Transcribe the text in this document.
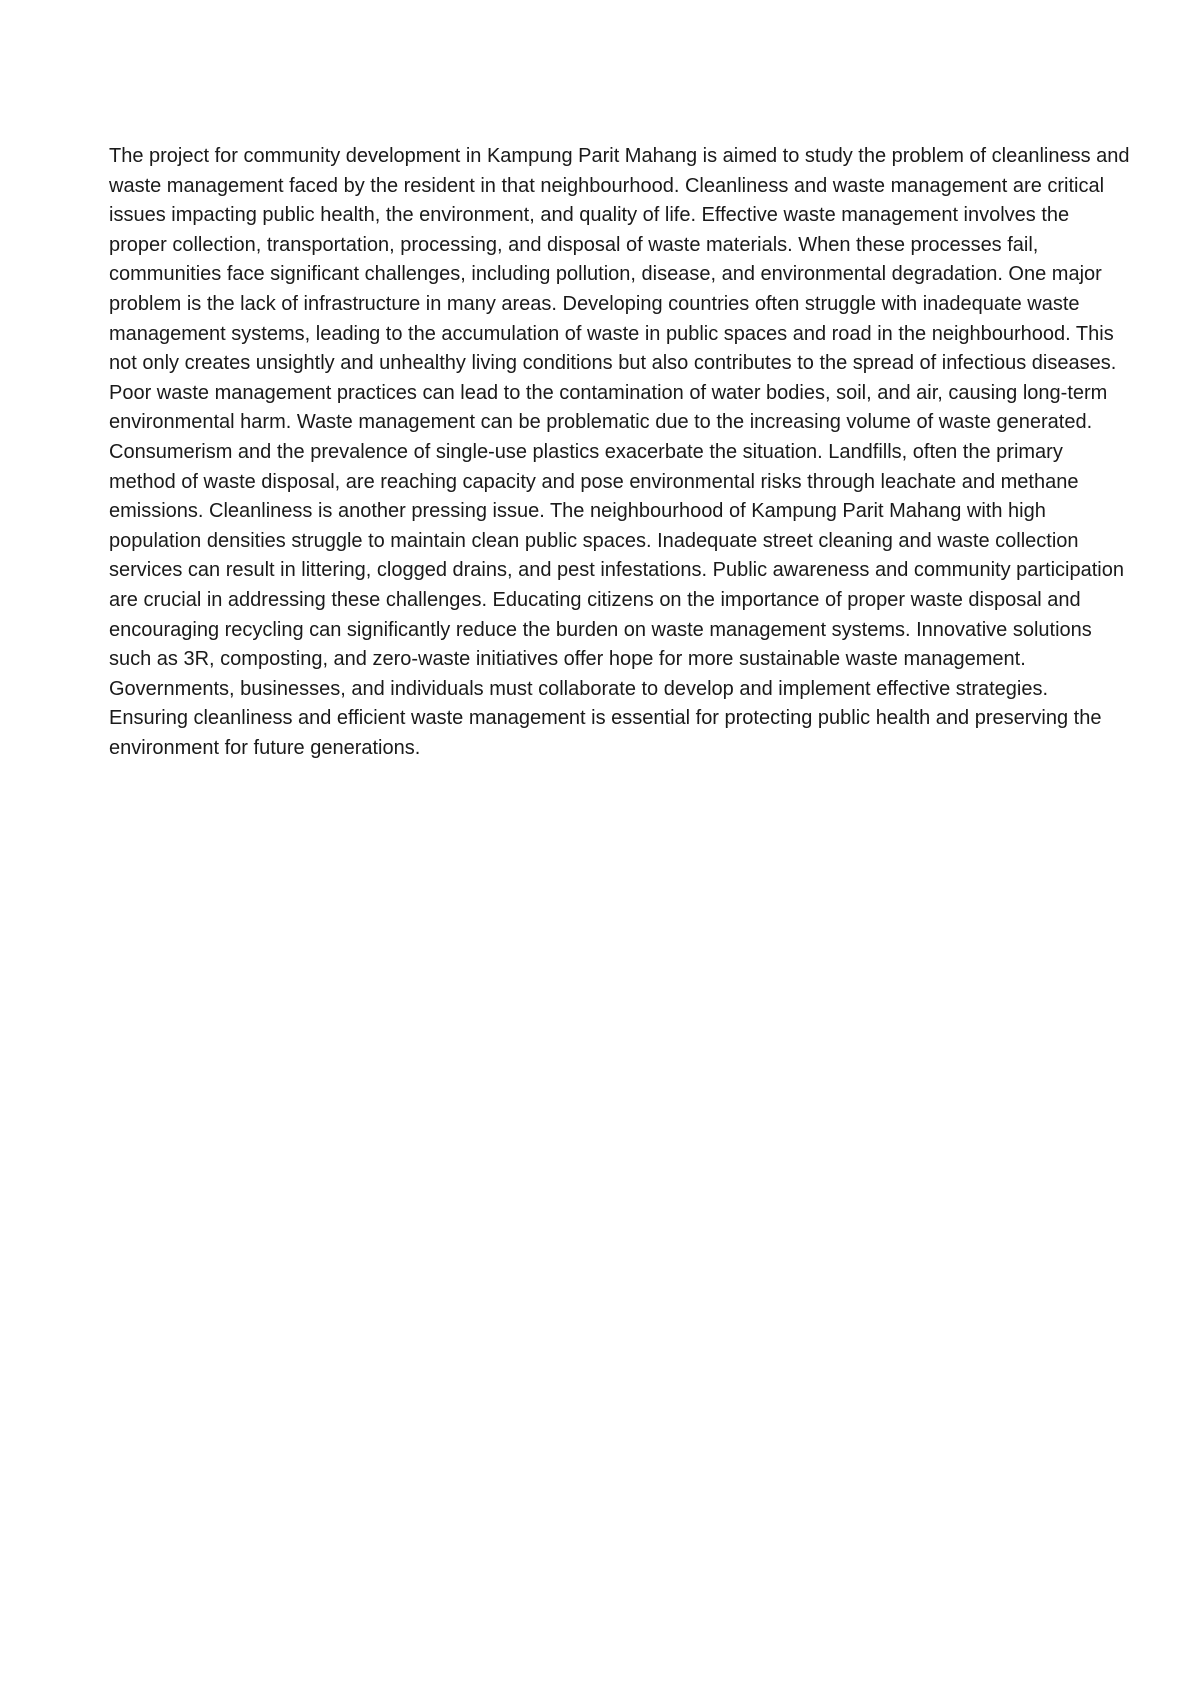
The project for community development in Kampung Parit Mahang is aimed to study the problem of cleanliness and waste management faced by the resident in that neighbourhood. Cleanliness and waste management are critical issues impacting public health, the environment, and quality of life. Effective waste management involves the proper collection, transportation, processing, and disposal of waste materials. When these processes fail, communities face significant challenges, including pollution, disease, and environmental degradation. One major problem is the lack of infrastructure in many areas. Developing countries often struggle with inadequate waste management systems, leading to the accumulation of waste in public spaces and road in the neighbourhood. This not only creates unsightly and unhealthy living conditions but also contributes to the spread of infectious diseases. Poor waste management practices can lead to the contamination of water bodies, soil, and air, causing long-term environmental harm. Waste management can be problematic due to the increasing volume of waste generated. Consumerism and the prevalence of single-use plastics exacerbate the situation. Landfills, often the primary method of waste disposal, are reaching capacity and pose environmental risks through leachate and methane emissions. Cleanliness is another pressing issue. The neighbourhood of Kampung Parit Mahang with high population densities struggle to maintain clean public spaces. Inadequate street cleaning and waste collection services can result in littering, clogged drains, and pest infestations. Public awareness and community participation are crucial in addressing these challenges. Educating citizens on the importance of proper waste disposal and encouraging recycling can significantly reduce the burden on waste management systems. Innovative solutions such as 3R, composting, and zero-waste initiatives offer hope for more sustainable waste management. Governments, businesses, and individuals must collaborate to develop and implement effective strategies. Ensuring cleanliness and efficient waste management is essential for protecting public health and preserving the environment for future generations.
